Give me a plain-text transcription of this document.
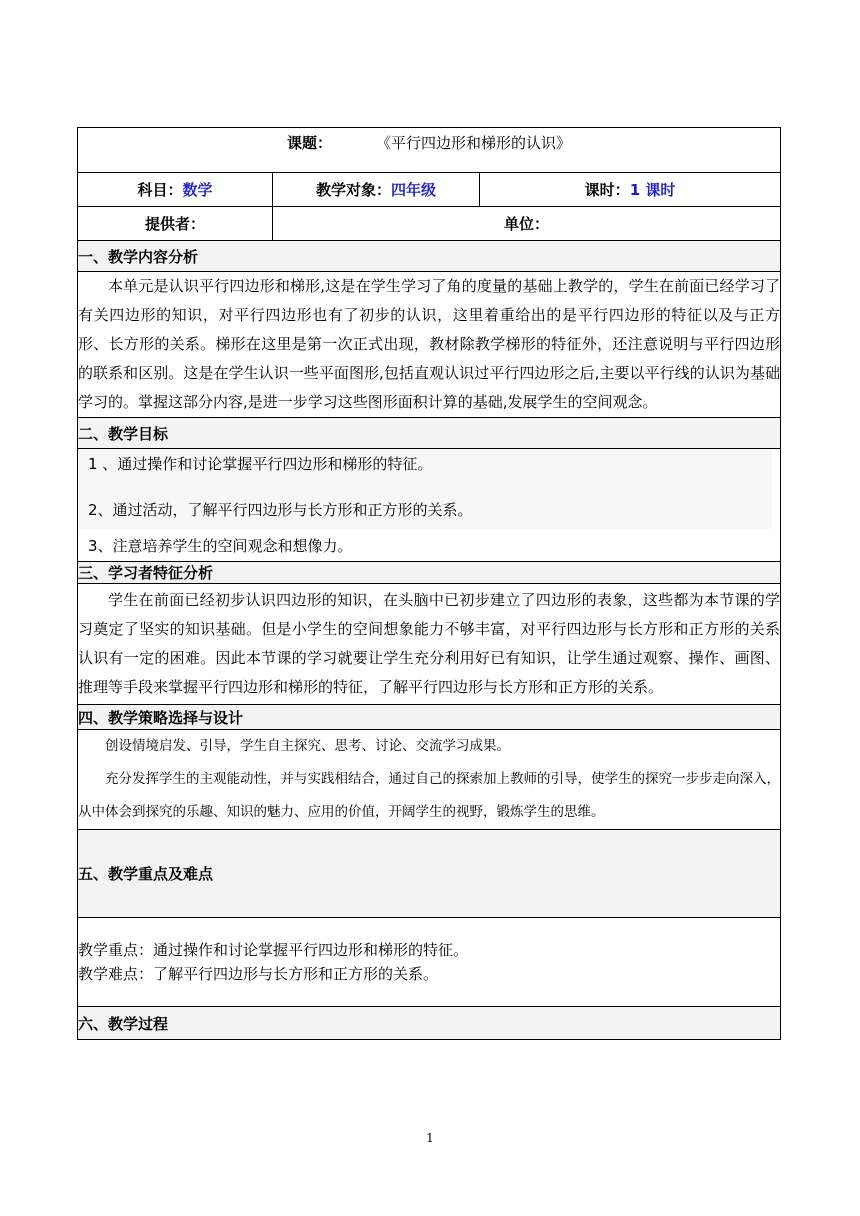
课题： 《平行四边形和梯形的认识》		

科目：数学	教学对象：四年级	课时：1 课时
提供者：	单位：	
一、教学内容分析		

本单元是认识平行四边形和梯形,这是在学生学习了角的度量的基础上教学的，学生在前面已经学习了有关四边形的知识，对平行四边形也有了初步的认识，这里着重给出的是平行四边形的特征以及与正方形、长方形的关系。梯形在这里是第一次正式出现，教材除教学梯形的特征外，还注意说明与平行四边形的联系和区别。这是在学生认识一些平面图形,包括直观认识过平行四边形之后,主要以平行线的认识为基础学习的。掌握这部分内容,是进一步学习这些图形面积计算的基础,发展学生的空间观念。		

二、教学目标		

1 、通过操作和讨论掌握平行四边形和梯形的特征。

2、通过活动，了解平行四边形与长方形和正方形的关系。

3、注意培养学生的空间观念和想像力。		

三、学习者特征分析		

学生在前面已经初步认识四边形的知识，在头脑中已初步建立了四边形的表象，这些都为本节课的学习奠定了坚实的知识基础。但是小学生的空间想象能力不够丰富，对平行四边形与长方形和正方形的关系认识有一定的困难。因此本节课的学习就要让学生充分利用好已有知识，让学生通过观察、操作、画图、推理等手段来掌握平行四边形和梯形的特征，了解平行四边形与长方形和正方形的关系。		

四、教学策略选择与设计		

创设情境启发、引导，学生自主探究、思考、讨论、交流学习成果。
充分发挥学生的主观能动性，并与实践相结合，通过自己的探索加上教师的引导，使学生的探究一步步走向深入，从中体会到探究的乐趣、知识的魅力、应用的价值，开阔学生的视野，锻炼学生的思维。		

五、教学重点及难点		

教学重点：通过操作和讨论掌握平行四边形和梯形的特征。
教学难点：了解平行四边形与长方形和正方形的关系。		

六、教学过程		
1
